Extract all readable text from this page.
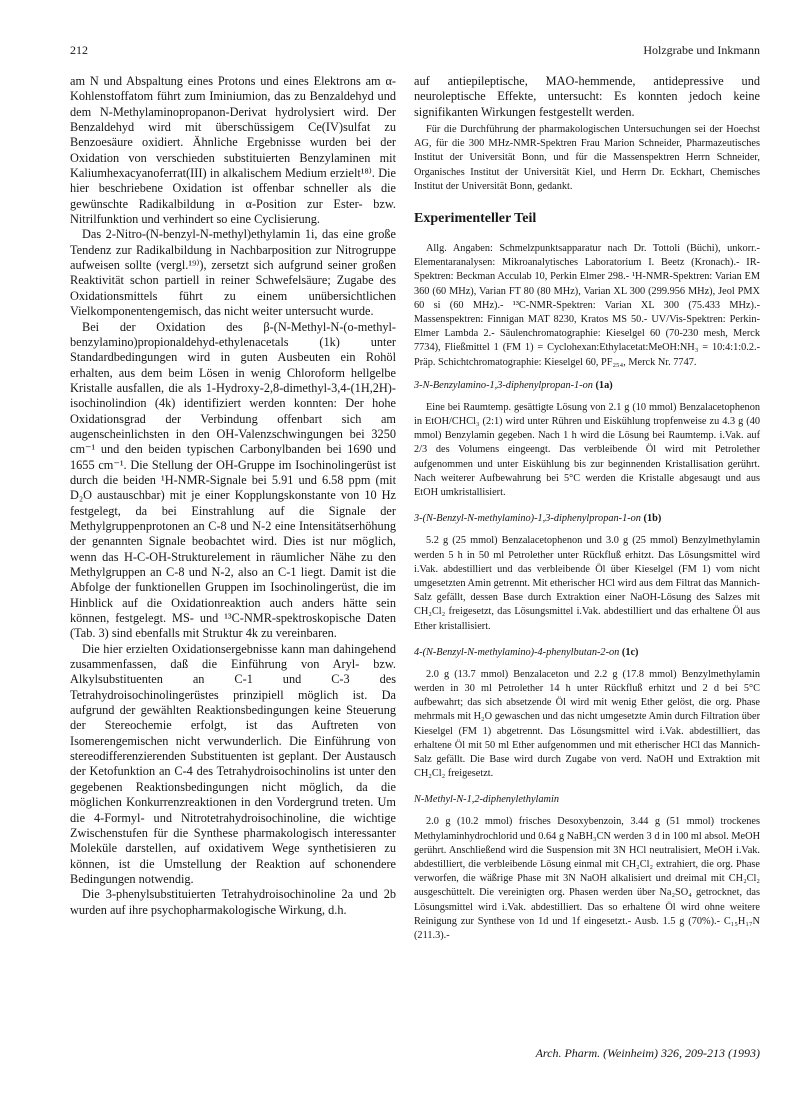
212	Holzgrabe und Inkmann

am N und Abspaltung eines Protons und eines Elektrons am α-Kohlenstoffatom führt zum Iminiumion, das zu Benzaldehyd und dem N-Methylaminopropanon-Derivat hydrolysiert wird. Der Benzaldehyd wird mit überschüssigem Ce(IV)sulfat zu Benzoesäure oxidiert. Ähnliche Ergebnisse wurden bei der Oxidation von verschieden substituierten Benzylaminen mit Kaliumhexacyanoferrat(III) in alkalischem Medium erzielt¹⁸⁾. Die hier beschriebene Oxidation ist offenbar schneller als die gewünschte Radikalbildung in α-Position zur Ester- bzw. Nitrilfunktion und verhindert so eine Cyclisierung.

Das 2-Nitro-(N-benzyl-N-methyl)ethylamin 1i, das eine große Tendenz zur Radikalbildung in Nachbarposition zur Nitrogruppe aufweisen sollte (vergl.¹⁹⁾), zersetzt sich aufgrund seiner großen Reaktivität schon partiell in reiner Schwefelsäure; Zugabe des Oxidationsmittels führt zu einem unübersichtlichen Vielkomponentengemisch, das nicht weiter untersucht wurde.

Bei der Oxidation des β-(N-Methyl-N-(o-methyl-benzylamino)propionaldehyd-ethylenacetals (1k) unter Standardbedingungen wird in guten Ausbeuten ein Rohöl erhalten, aus dem beim Lösen in wenig Chloroform hellgelbe Kristalle ausfallen, die als 1-Hydroxy-2,8-dimethyl-3,4-(1H,2H)-isochinolindion (4k) identifiziert werden konnten: Der hohe Oxidationsgrad der Verbindung offenbart sich am augenscheinlichsten in den OH-Valenzschwingungen bei 3250 cm⁻¹ und den beiden typischen Carbonylbanden bei 1690 und 1655 cm⁻¹. Die Stellung der OH-Gruppe im Isochinolingerüst ist durch die beiden ¹H-NMR-Signale bei 5.91 und 6.58 ppm (mit D₂O austauschbar) mit je einer Kopplungskonstante von 10 Hz festgelegt, da bei Einstrahlung auf die Signale der Methylgruppenprotonen an C-8 und N-2 eine Intensitätserhöhung der genannten Signale beobachtet wird. Dies ist nur möglich, wenn das H-C-OH-Strukturelement in räumlicher Nähe zu den Methylgruppen an C-8 und N-2, also an C-1 liegt. Damit ist die Abfolge der funktionellen Gruppen im Isochinolingerüst, die im Hinblick auf die Oxidationreaktion auch anders hätte sein können, festgelegt. MS- und ¹³C-NMR-spektroskopische Daten (Tab. 3) sind ebenfalls mit Struktur 4k zu vereinbaren.

Die hier erzielten Oxidationsergebnisse kann man dahingehend zusammenfassen, daß die Einführung von Aryl- bzw. Alkylsubstituenten an C-1 und C-3 des Tetrahydroisochinolingerüstes prinzipiell möglich ist. Da aufgrund der gewählten Reaktionsbedingungen keine Steuerung der Stereochemie erfolgt, ist das Auftreten von Isomerengemischen nicht verwunderlich. Die Einführung von stereodifferenzierenden Substituenten ist geplant. Der Austausch der Ketofunktion an C-4 des Tetrahydroisochinolins ist unter den gegebenen Reaktionsbedingungen nicht möglich, da die möglichen Konkurrenzreaktionen in den Vordergrund treten. Um die 4-Formyl- und Nitrotetrahydroisochinoline, die wichtige Zwischenstufen für die Synthese pharmakologisch interessanter Moleküle darstellen, auf oxidativem Wege synthetisieren zu können, ist die Umstellung der Reaktion auf schonendere Bedingungen notwendig.

Die 3-phenylsubstituierten Tetrahydroisochinoline 2a und 2b wurden auf ihre psychopharmakologische Wirkung, d.h.

auf antiepileptische, MAO-hemmende, antidepressive und neuroleptische Effekte, untersucht: Es konnten jedoch keine signifikanten Wirkungen festgestellt werden.

Für die Durchführung der pharmakologischen Untersuchungen sei der Hoechst AG, für die 300 MHz-NMR-Spektren Frau Marion Schneider, Pharmazeutisches Institut der Universität Bonn, und für die Massenspektren Herrn Schneider, Organisches Institut der Universität Kiel, und Herrn Dr. Eckhart, Chemisches Institut der Universität Bonn, gedankt.

Experimenteller Teil

Allg. Angaben: Schmelzpunktsapparatur nach Dr. Tottoli (Büchi), unkorr.- Elementaranalysen: Mikroanalytisches Laboratorium I. Beetz (Kronach).- IR-Spektren: Beckman Acculab 10, Perkin Elmer 298.- ¹H-NMR-Spektren: Varian EM 360 (60 MHz), Varian FT 80 (80 MHz), Varian XL 300 (299.956 MHz), Jeol PMX 60 si (60 MHz).- ¹³C-NMR-Spektren: Varian XL 300 (75.433 MHz).- Massenspektren: Finnigan MAT 8230, Kratos MS 50.- UV/Vis-Spektren: Perkin-Elmer Lambda 2.- Säulenchromatographie: Kieselgel 60 (70-230 mesh, Merck 7734), Fließmittel 1 (FM 1) = Cyclohexan:Ethylacetat:MeOH:NH₃ = 10:4:1:0.2.- Präp. Schichtchromatographie: Kieselgel 60, PF₂₅₄, Merck Nr. 7747.

3-N-Benzylamino-1,3-diphenylpropan-1-on (1a)

Eine bei Raumtemp. gesättigte Lösung von 2.1 g (10 mmol) Benzalacetophenon in EtOH/CHCl₃ (2:1) wird unter Rühren und Eiskühlung tropfenweise zu 4.3 g (40 mmol) Benzylamin gegeben. Nach 1 h wird die Lösung bei Raumtemp. i.Vak. auf 2/3 des Volumens eingeengt. Das verbleibende Öl wird mit Petrolether aufgenommen und unter Eiskühlung bis zur beginnenden Kristallisation gerührt. Nach weiterer Aufbewahrung bei 5°C werden die Kristalle abgesaugt und aus EtOH umkristallisiert.

3-(N-Benzyl-N-methylamino)-1,3-diphenylpropan-1-on (1b)

5.2 g (25 mmol) Benzalacetophenon und 3.0 g (25 mmol) Benzylmethylamin werden 5 h in 50 ml Petrolether unter Rückfluß erhitzt. Das Lösungsmittel wird i.Vak. abdestilliert und das verbleibende Öl über Kieselgel (FM 1) vom nicht umgesetzten Amin getrennt. Mit etherischer HCl wird aus dem Filtrat das Mannich-Salz gefällt, dessen Base durch Extraktion einer NaOH-Lösung des Salzes mit CH₂Cl₂ freigesetzt, das Lösungsmittel i.Vak. abdestilliert und das erhaltene Öl aus Ether kristallisiert.

4-(N-Benzyl-N-methylamino)-4-phenylbutan-2-on (1c)

2.0 g (13.7 mmol) Benzalaceton und 2.2 g (17.8 mmol) Benzylmethylamin werden in 30 ml Petrolether 14 h unter Rückfluß erhitzt und 2 d bei 5°C aufbewahrt; das sich absetzende Öl wird mit wenig Ether gelöst, die org. Phase mehrmals mit H₂O gewaschen und das nicht umgesetzte Amin durch Filtration über Kieselgel (FM 1) abgetrennt. Das Lösungsmittel wird i.Vak. abdestilliert, das erhaltene Öl mit 50 ml Ether aufgenommen und mit etherischer HCl das Mannich-Salz gefällt. Die Base wird durch Zugabe von verd. NaOH und Extraktion mit CH₂Cl₂ freigesetzt.

N-Methyl-N-1,2-diphenylethylamin

2.0 g (10.2 mmol) frisches Desoxybenzoin, 3.44 g (51 mmol) trockenes Methylaminhydrochlorid und 0.64 g NaBH₃CN werden 3 d in 100 ml absol. MeOH gerührt. Anschließend wird die Suspension mit 3N HCl neutralisiert, MeOH i.Vak. abdestilliert, die verbleibende Lösung einmal mit CH₂Cl₂ extrahiert, die org. Phase verworfen, die wäßrige Phase mit 3N NaOH alkalisiert und dreimal mit CH₂Cl₂ ausgeschüttelt. Die vereinigten org. Phasen werden über Na₂SO₄ getrocknet, das Lösungsmittel wird i.Vak. abdestilliert. Das so erhaltene Öl wird ohne weitere Reinigung zur Synthese von 1d und 1f eingesetzt.- Ausb. 1.5 g (70%).- C₁₅H₁₇N (211.3).-

Arch. Pharm. (Weinheim) 326, 209-213 (1993)
